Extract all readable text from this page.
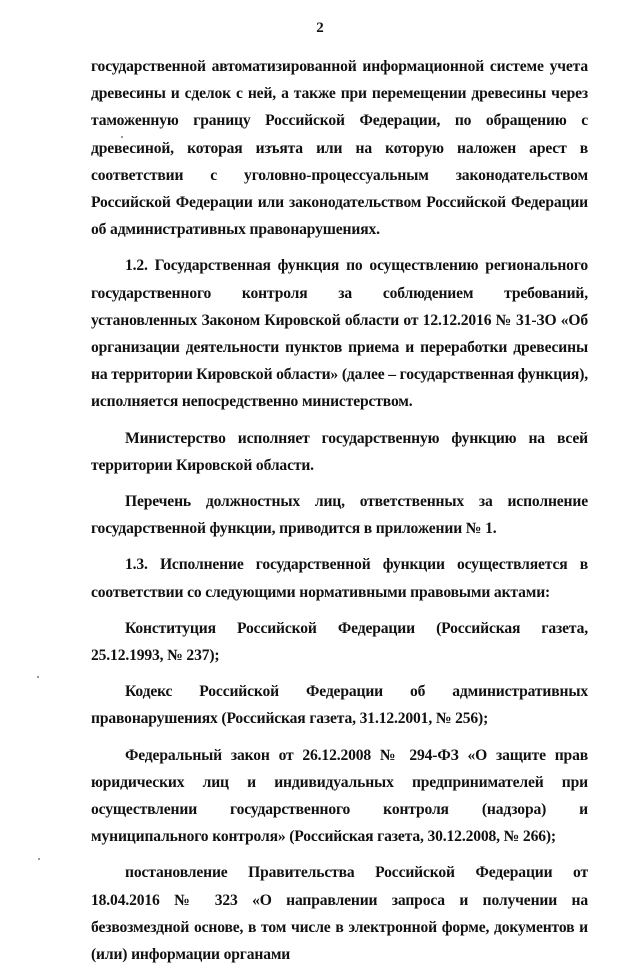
2

государственной автоматизированной информационной системе учета древесины и сделок с ней, а также при перемещении древесины через таможенную границу Российской Федерации, по обращению с древесиной, которая изъята или на которую наложен арест в соответствии с уголовно-процессуальным законодательством Российской Федерации или законодательством Российской Федерации об административных правонарушениях.

1.2. Государственная функция по осуществлению регионального государственного контроля за соблюдением требований, установленных Законом Кировской области от 12.12.2016 № 31-ЗО «Об организации деятельности пунктов приема и переработки древесины на территории Кировской области» (далее – государственная функция), исполняется непосредственно министерством.

Министерство исполняет государственную функцию на всей территории Кировской области.

Перечень должностных лиц, ответственных за исполнение государственной функции, приводится в приложении № 1.

1.3. Исполнение государственной функции осуществляется в соответствии со следующими нормативными правовыми актами:

Конституция Российской Федерации (Российская газета, 25.12.1993, № 237);

Кодекс Российской Федерации об административных правонарушениях (Российская газета, 31.12.2001, № 256);

Федеральный закон от 26.12.2008 № 294-ФЗ «О защите прав юридических лиц и индивидуальных предпринимателей при осуществлении государственного контроля (надзора) и муниципального контроля» (Российская газета, 30.12.2008, № 266);

постановление Правительства Российской Федерации от 18.04.2016 № 323 «О направлении запроса и получении на безвозмездной основе, в том числе в электронной форме, документов и (или) информации органами
